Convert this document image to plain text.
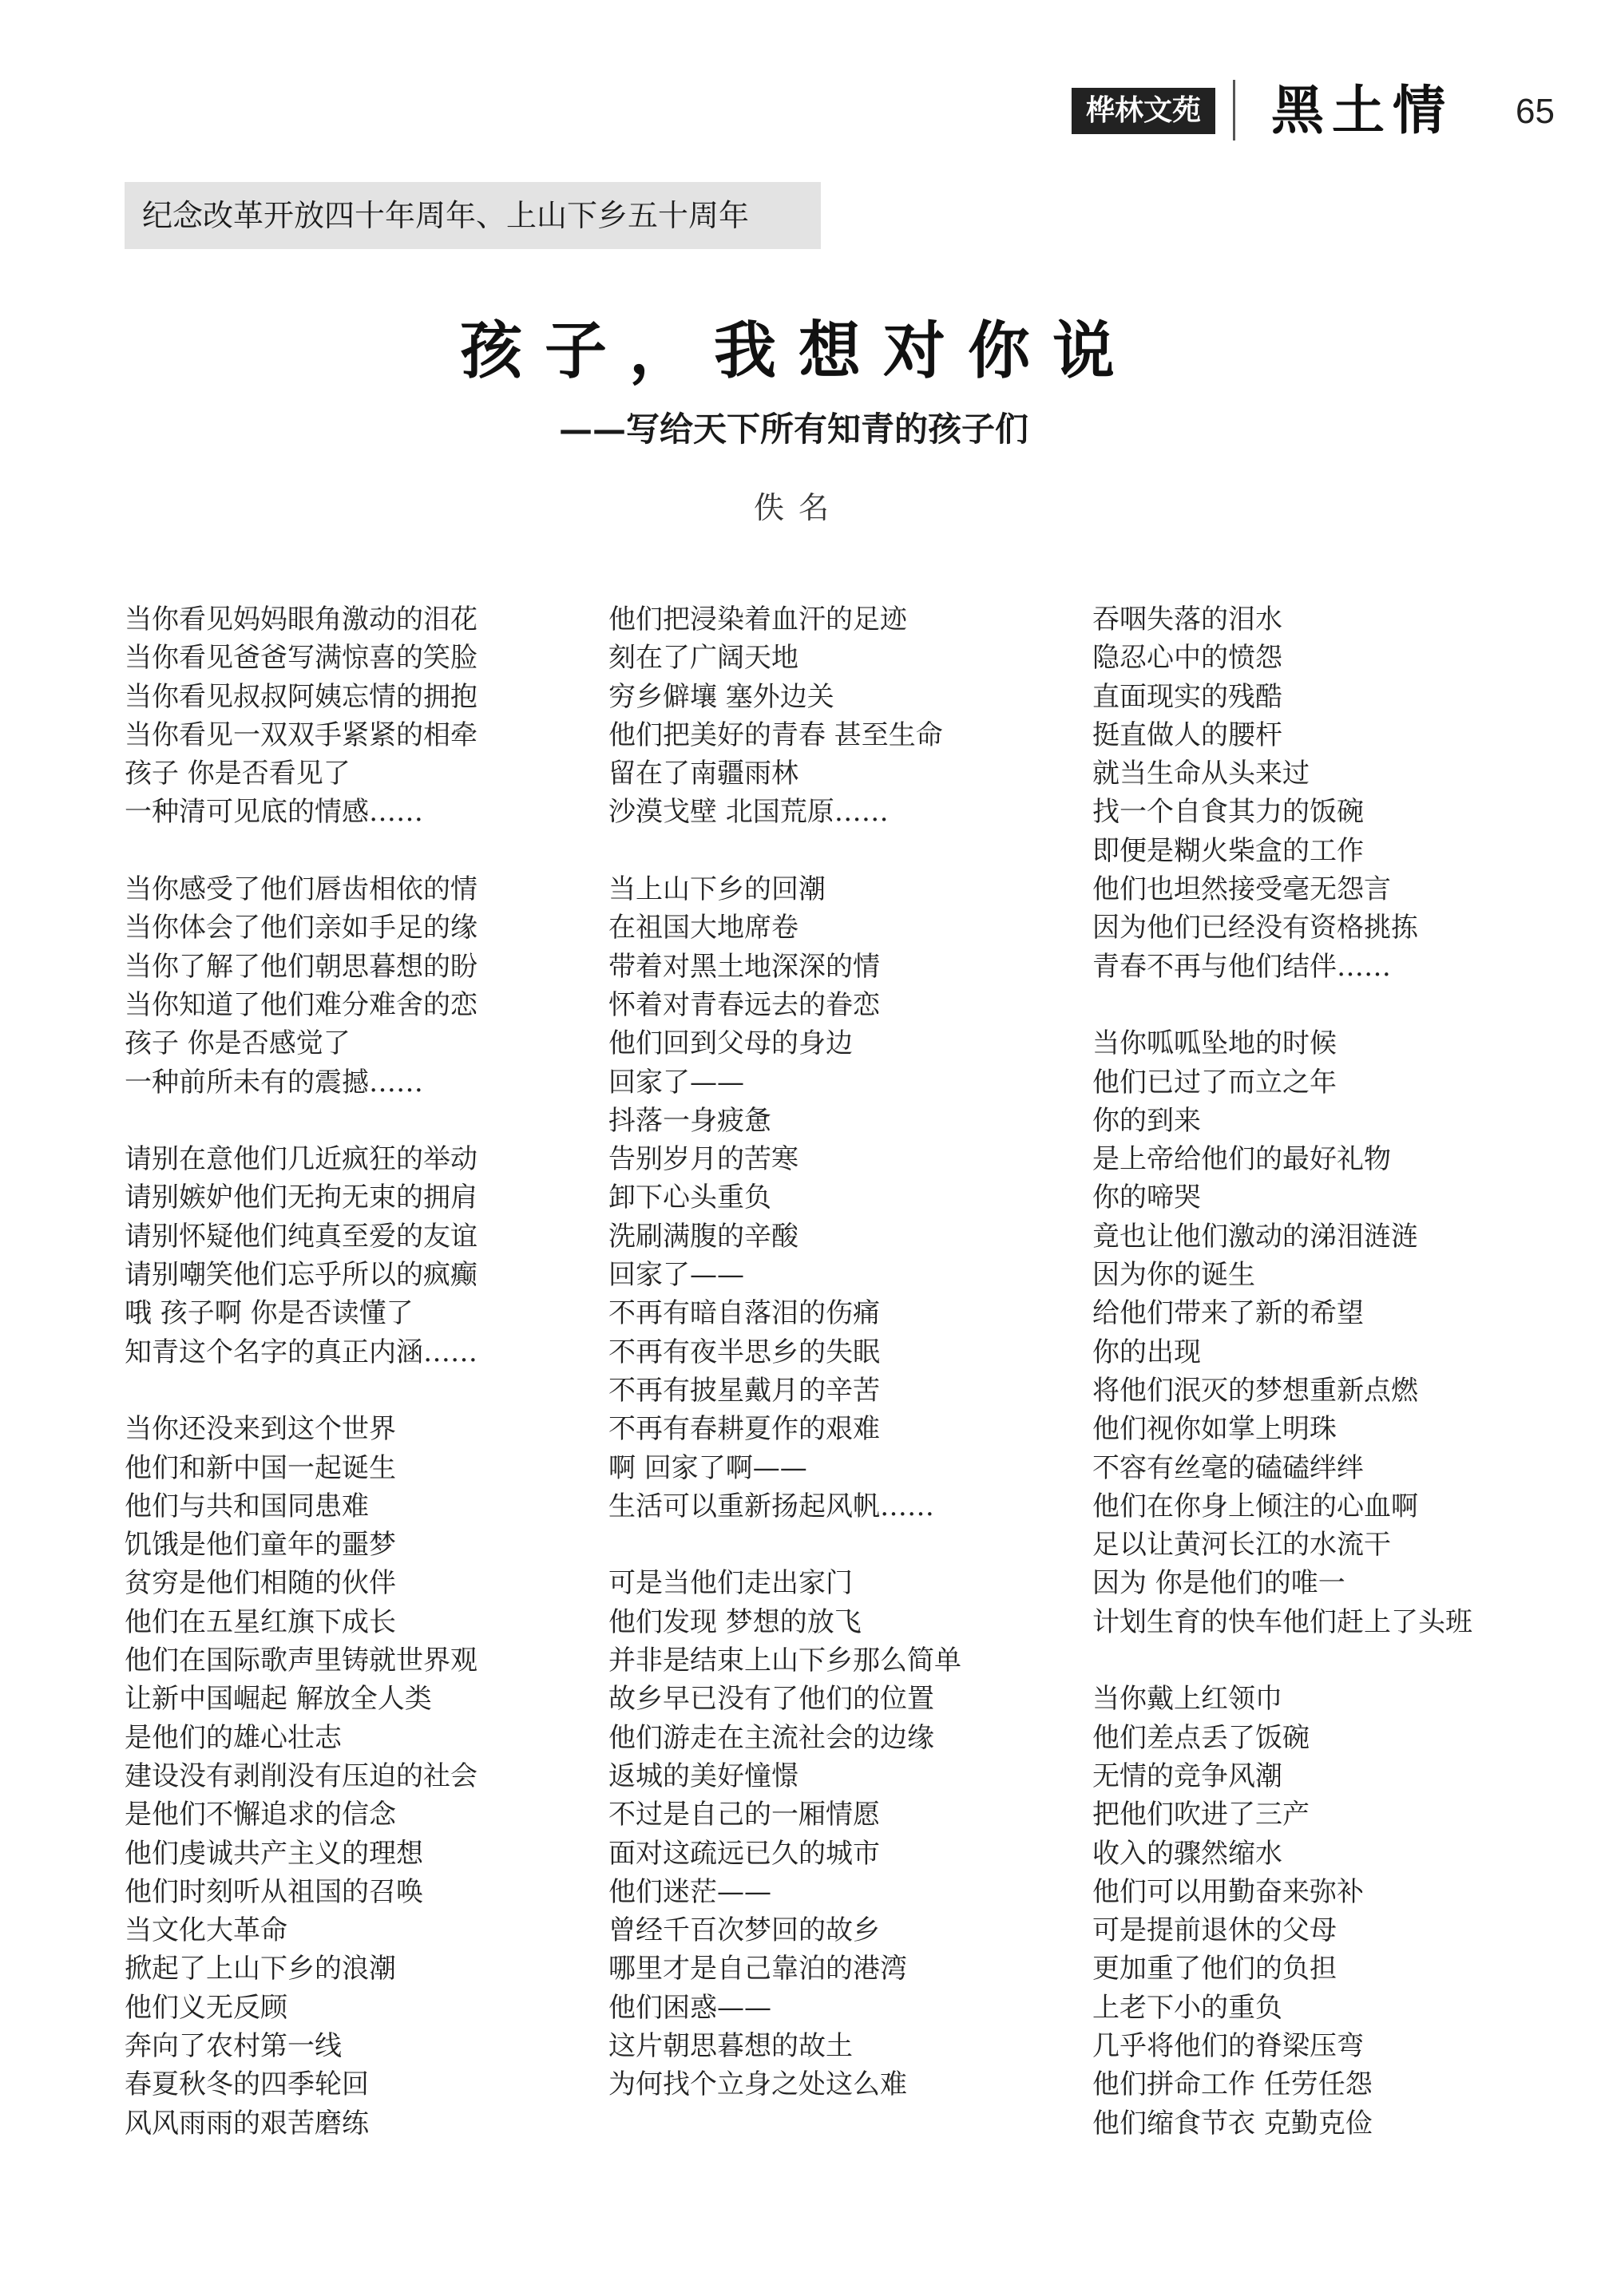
桦林文苑 黑土情 65
纪念改革开放四十年周年、上山下乡五十周年
孩子，我想对你说
——写给天下所有知青的孩子们
佚名
当你看见妈妈眼角激动的泪花
当你看见爸爸写满惊喜的笑脸
当你看见叔叔阿姨忘情的拥抱
当你看见一双双手紧紧的相牵
孩子 你是否看见了
一种清可见底的情感……
当你感受了他们唇齿相依的情
当你体会了他们亲如手足的缘
当你了解了他们朝思暮想的盼
当你知道了他们难分难舍的恋
孩子 你是否感觉了
一种前所未有的震撼……
请别在意他们几近疯狂的举动
请别嫉妒他们无拘无束的拥肩
请别怀疑他们纯真至爱的友谊
请别嘲笑他们忘乎所以的疯癫
哦 孩子啊 你是否读懂了
知青这个名字的真正内涵……
当你还没来到这个世界
他们和新中国一起诞生
他们与共和国同患难
饥饿是他们童年的噩梦
贫穷是他们相随的伙伴
他们在五星红旗下成长
他们在国际歌声里铸就世界观
让新中国崛起 解放全人类
是他们的雄心壮志
建设没有剥削没有压迫的社会
是他们不懈追求的信念
他们虔诚共产主义的理想
他们时刻听从祖国的召唤
当文化大革命
掀起了上山下乡的浪潮
他们义无反顾
奔向了农村第一线
春夏秋冬的四季轮回
风风雨雨的艰苦磨练
他们把浸染着血汗的足迹
刻在了广阔天地
穷乡僻壤 塞外边关
他们把美好的青春 甚至生命
留在了南疆雨林
沙漠戈壁 北国荒原……
当上山下乡的回潮
在祖国大地席卷
带着对黑土地深深的情
怀着对青春远去的眷恋
他们回到父母的身边
回家了——
抖落一身疲惫
告别岁月的苦寒
卸下心头重负
洗刷满腹的辛酸
回家了——
不再有暗自落泪的伤痛
不再有夜半思乡的失眠
不再有披星戴月的辛苦
不再有春耕夏作的艰难
啊 回家了啊——
生活可以重新扬起风帆……
可是当他们走出家门
他们发现 梦想的放飞
并非是结束上山下乡那么简单
故乡早已没有了他们的位置
他们游走在主流社会的边缘
返城的美好憧憬
不过是自己的一厢情愿
面对这疏远已久的城市
他们迷茫——
曾经千百次梦回的故乡
哪里才是自己靠泊的港湾
他们困惑——
这片朝思暮想的故土
为何找个立身之处这么难
吞咽失落的泪水
隐忍心中的愤怨
直面现实的残酷
挺直做人的腰杆
就当生命从头来过
找一个自食其力的饭碗
即便是糊火柴盒的工作
他们也坦然接受毫无怨言
因为他们已经没有资格挑拣
青春不再与他们结伴……
当你呱呱坠地的时候
他们已过了而立之年
你的到来
是上帝给他们的最好礼物
你的啼哭
竟也让他们激动的涕泪涟涟
因为你的诞生
给他们带来了新的希望
你的出现
将他们泯灭的梦想重新点燃
他们视你如掌上明珠
不容有丝毫的磕磕绊绊
他们在你身上倾注的心血啊
足以让黄河长江的水流干
因为 你是他们的唯一
计划生育的快车他们赶上了头班
当你戴上红领巾
他们差点丢了饭碗
无情的竞争风潮
把他们吹进了三产
收入的骤然缩水
他们可以用勤奋来弥补
可是提前退休的父母
更加重了他们的负担
上老下小的重负
几乎将他们的脊梁压弯
他们拼命工作 任劳任怨
他们缩食节衣 克勤克俭
